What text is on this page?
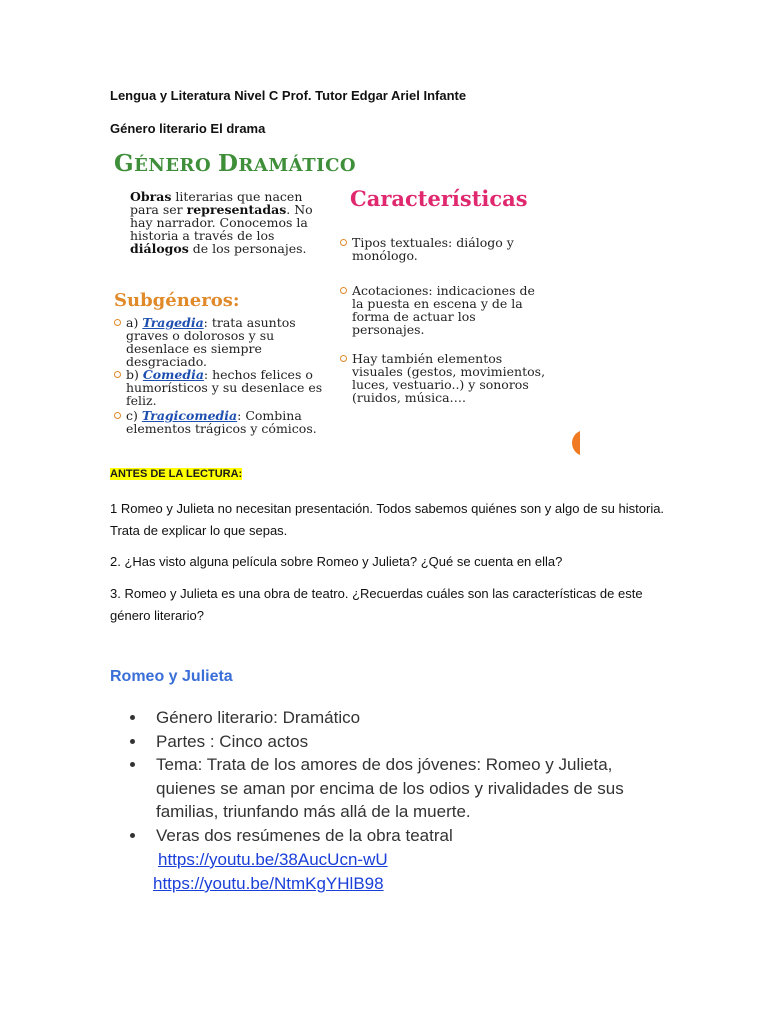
Lengua y Literatura Nivel C Prof. Tutor Edgar Ariel Infante
Género literario El drama
GÉNERO DRAMÁTICO
Obras literarias que nacen para ser representadas. No hay narrador. Conocemos la historia a través de los diálogos de los personajes.
Subgéneros:
a) Tragedia: trata asuntos graves o dolorosos y su desenlace es siempre desgraciado.
b) Comedia: hechos felices o humorísticos y su desenlace es feliz.
c) Tragicomedia: Combina elementos trágicos y cómicos.
Características
Tipos textuales: diálogo y monólogo.
Acotaciones: indicaciones de la puesta en escena y de la forma de actuar los personajes.
Hay también elementos visuales (gestos, movimientos, luces, vestuario..) y sonoros (ruidos, música….
ANTES DE LA LECTURA:
1 Romeo y Julieta no necesitan presentación. Todos sabemos quiénes son y algo de su historia. Trata de explicar lo que sepas.
2. ¿Has visto alguna película sobre Romeo y Julieta? ¿Qué se cuenta en ella?
3. Romeo y Julieta es una obra de teatro. ¿Recuerdas cuáles son las características de este género literario?
Romeo y Julieta
Género literario: Dramático
Partes : Cinco actos
Tema: Trata de los amores de dos jóvenes: Romeo y Julieta, quienes se aman por encima de los odios y rivalidades de sus familias, triunfando más allá de la muerte.
Veras dos resúmenes de la obra teatral
https://youtu.be/38AucUcn-wU
https://youtu.be/NtmKgYHlB98
